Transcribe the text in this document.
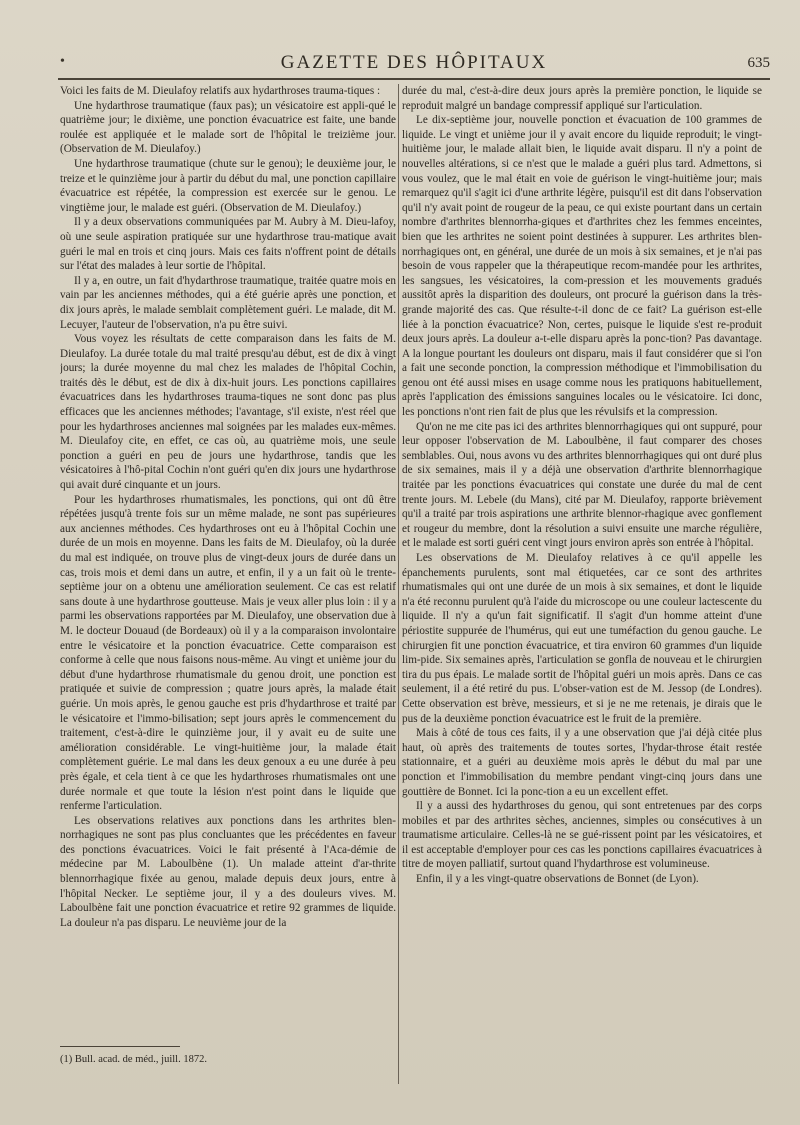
•	GAZETTE DES HÔPITAUX	635

Voici les faits de M. Dieulafoy relatifs aux hydarthroses trauma-tiques :

Une hydarthrose traumatique (faux pas); un vésicatoire est appli-qué le quatrième jour; le dixième, une ponction évacuatrice est faite, une bande roulée est appliquée et le malade sort de l'hôpital le treizième jour. (Observation de M. Dieulafoy.)

Une hydarthrose traumatique (chute sur le genou); le deuxième jour, le treize et le quinzième jour à partir du début du mal, une ponction capillaire évacuatrice est répétée, la compression est exercée sur le genou. Le vingtième jour, le malade est guéri. (Observation de M. Dieulafoy.)

Il y a deux observations communiquées par M. Aubry à M. Dieu-lafoy, où une seule aspiration pratiquée sur une hydarthrose trau-matique avait guéri le mal en trois et cinq jours. Mais ces faits n'offrent point de détails sur l'état des malades à leur sortie de l'hôpital.

Il y a, en outre, un fait d'hydarthrose traumatique, traitée quatre mois en vain par les anciennes méthodes, qui a été guérie après une ponction, et dix jours après, le malade semblait complètement guéri. Le malade, dit M. Lecuyer, l'auteur de l'observation, n'a pu être suivi.

Vous voyez les résultats de cette comparaison dans les faits de M. Dieulafoy. La durée totale du mal traité presqu'au début, est de dix à vingt jours; la durée moyenne du mal chez les malades de l'hôpital Cochin, traités dès le début, est de dix à dix-huit jours. Les ponctions capillaires évacuatrices dans les hydarthroses trauma-tiques ne sont donc pas plus efficaces que les anciennes méthodes; l'avantage, s'il existe, n'est réel que pour les hydarthroses anciennes mal soignées par les malades eux-mêmes. M. Dieulafoy cite, en effet, ce cas où, au quatrième mois, une seule ponction a guéri en peu de jours une hydarthrose, tandis que les vésicatoires à l'hô-pital Cochin n'ont guéri qu'en dix jours une hydarthrose qui avait duré cinquante et un jours.

Pour les hydarthroses rhumatismales, les ponctions, qui ont dû être répétées jusqu'à trente fois sur un même malade, ne sont pas supérieures aux anciennes méthodes. Ces hydarthroses ont eu à l'hôpital Cochin une durée de un mois en moyenne. Dans les faits de M. Dieulafoy, où la durée du mal est indiquée, on trouve plus de vingt-deux jours de durée dans un cas, trois mois et demi dans un autre, et enfin, il y a un fait où le trente-septième jour on a obtenu une amélioration seulement. Ce cas est relatif sans doute à une hydarthrose goutteuse. Mais je veux aller plus loin : il y a parmi les observations rapportées par M. Dieulafoy, une observation due à M. le docteur Douaud (de Bordeaux) où il y a la comparaison involontaire entre le vésicatoire et la ponction évacuatrice. Cette comparaison est conforme à celle que nous faisons nous-même. Au vingt et unième jour du début d'une hydarthrose rhumatismale du genou droit, une ponction est pratiquée et suivie de compression ; quatre jours après, la malade était guérie. Un mois après, le genou gauche est pris d'hydarthrose et traité par le vésicatoire et l'immo-bilisation; sept jours après le commencement du traitement, c'est-à-dire le quinzième jour, il y avait eu de suite une amélioration considérable. Le vingt-huitième jour, la malade était complètement guérie. Le mal dans les deux genoux a eu une durée à peu près égale, et cela tient à ce que les hydarthroses rhumatismales ont une durée normale et que toute la lésion n'est point dans le liquide que renferme l'articulation.

Les observations relatives aux ponctions dans les arthrites blen-norrhagiques ne sont pas plus concluantes que les précédentes en faveur des ponctions évacuatrices. Voici le fait présenté à l'Aca-démie de médecine par M. Laboulbène (1). Un malade atteint d'ar-thrite blennorrhagique fixée au genou, malade depuis deux jours, entre à l'hôpital Necker. Le septième jour, il y a des douleurs vives. M. Laboulbène fait une ponction évacuatrice et retire 92 grammes de liquide. La douleur n'a pas disparu. Le neuvième jour de la

durée du mal, c'est-à-dire deux jours après la première ponction, le liquide se reproduit malgré un bandage compressif appliqué sur l'articulation.

Le dix-septième jour, nouvelle ponction et évacuation de 100 grammes de liquide. Le vingt et unième jour il y avait encore du liquide reproduit; le vingt-huitième jour, le malade allait bien, le liquide avait disparu. Il n'y a point de nouvelles altérations, si ce n'est que le malade a guéri plus tard. Admettons, si vous voulez, que le mal était en voie de guérison le vingt-huitième jour; mais remarquez qu'il s'agit ici d'une arthrite légère, puisqu'il est dit dans l'observation qu'il n'y avait point de rougeur de la peau, ce qui existe pourtant dans un certain nombre d'arthrites blennorrha-giques et d'arthrites chez les femmes enceintes, bien que les arthrites ne soient point destinées à suppurer. Les arthrites blen-norrhagiques ont, en général, une durée de un mois à six semaines, et je n'ai pas besoin de vous rappeler que la thérapeutique recom-mandée pour les arthrites, les sangsues, les vésicatoires, la com-pression et les mouvements gradués aussitôt après la disparition des douleurs, ont procuré la guérison dans la très-grande majorité des cas. Que résulte-t-il donc de ce fait? La guérison est-elle liée à la ponction évacuatrice? Non, certes, puisque le liquide s'est re-produit deux jours après. La douleur a-t-elle disparu après la ponc-tion? Pas davantage. A la longue pourtant les douleurs ont disparu, mais il faut considérer que si l'on a fait une seconde ponction, la compression méthodique et l'immobilisation du genou ont été aussi mises en usage comme nous les pratiquons habituellement, après l'application des émissions sanguines locales ou le vésicatoire. Ici donc, les ponctions n'ont rien fait de plus que les révulsifs et la compression.

Qu'on ne me cite pas ici des arthrites blennorrhagiques qui ont suppuré, pour leur opposer l'observation de M. Laboulbène, il faut comparer des choses semblables. Oui, nous avons vu des arthrites blennorrhagiques qui ont duré plus de six semaines, mais il y a déjà une observation d'arthrite blennorrhagique traitée par les ponctions évacuatrices qui constate une durée du mal de cent trente jours. M. Lebele (du Mans), cité par M. Dieulafoy, rapporte brièvement qu'il a traité par trois aspirations une arthrite blennor-rhagique avec gonflement et rougeur du membre, dont la résolution a suivi ensuite une marche régulière, et le malade est sorti guéri cent vingt jours environ après son entrée à l'hôpital.

Les observations de M. Dieulafoy relatives à ce qu'il appelle les épanchements purulents, sont mal étiquetées, car ce sont des arthrites rhumatismales qui ont une durée de un mois à six semaines, et dont le liquide n'a été reconnu purulent qu'à l'aide du microscope ou une couleur lactescente du liquide. Il n'y a qu'un fait significatif. Il s'agit d'un homme atteint d'une périostite suppurée de l'humérus, qui eut une tuméfaction du genou gauche. Le chirurgien fit une ponction évacuatrice, et tira environ 60 grammes d'un liquide lim-pide. Six semaines après, l'articulation se gonfla de nouveau et le chirurgien tira du pus épais. Le malade sortit de l'hôpital guéri un mois après. Dans ce cas seulement, il a été retiré du pus. L'obser-vation est de M. Jessop (de Londres). Cette observation est brève, messieurs, et si je ne me retenais, je dirais que le pus de la deuxième ponction évacuatrice est le fruit de la première.

Mais à côté de tous ces faits, il y a une observation que j'ai déjà citée plus haut, où après des traitements de toutes sortes, l'hydar-throse était restée stationnaire, et a guéri au deuxième mois après le début du mal par une ponction et l'immobilisation du membre pendant vingt-cinq jours dans une gouttière de Bonnet. Ici la ponc-tion a eu un excellent effet.

Il y a aussi des hydarthroses du genou, qui sont entretenues par des corps mobiles et par des arthrites sèches, anciennes, simples ou consécutives à un traumatisme articulaire. Celles-là ne se gué-rissent point par les vésicatoires, et il est acceptable d'employer pour ces cas les ponctions capillaires évacuatrices à titre de moyen palliatif, surtout quand l'hydarthrose est volumineuse.

Enfin, il y a les vingt-quatre observations de Bonnet (de Lyon).

(1) Bull. acad. de méd., juill. 1872.
